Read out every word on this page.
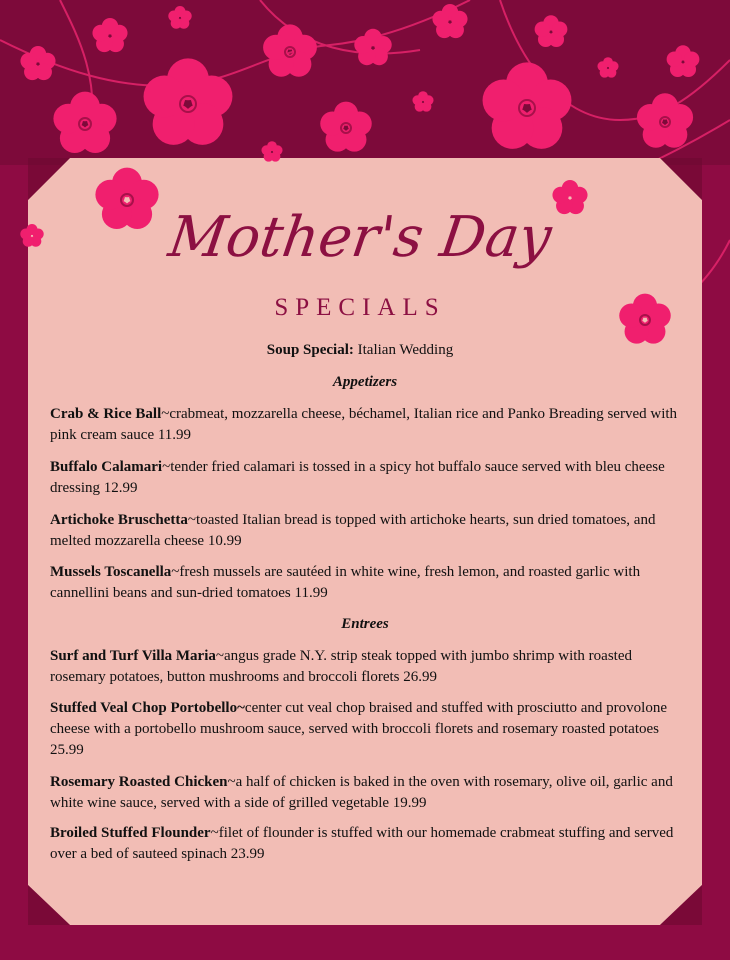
Mother's Day
SPECIALS
Soup Special: Italian Wedding
Appetizers
Crab & Rice Ball~crabmeat, mozzarella cheese, béchamel, Italian rice and Panko Breading served with pink cream sauce 11.99
Buffalo Calamari~tender fried calamari is tossed in a spicy hot buffalo sauce served with bleu cheese dressing 12.99
Artichoke Bruschetta~toasted Italian bread is topped with artichoke hearts, sun dried tomatoes, and melted mozzarella cheese 10.99
Mussels Toscanella~fresh mussels are sautéed in white wine, fresh lemon, and roasted garlic with cannellini beans and sun-dried tomatoes 11.99
Entrees
Surf and Turf Villa Maria~angus grade N.Y. strip steak topped with jumbo shrimp with roasted rosemary potatoes, button mushrooms and broccoli florets 26.99
Stuffed Veal Chop Portobello~center cut veal chop braised and stuffed with prosciutto and provolone cheese with a portobello mushroom sauce, served with broccoli florets and rosemary roasted potatoes 25.99
Rosemary Roasted Chicken~a half of chicken is baked in the oven with rosemary, olive oil, garlic and white wine sauce, served with a side of grilled vegetable 19.99
Broiled Stuffed Flounder~filet of flounder is stuffed with our homemade crabmeat stuffing and served over a bed of sauteed spinach 23.99
